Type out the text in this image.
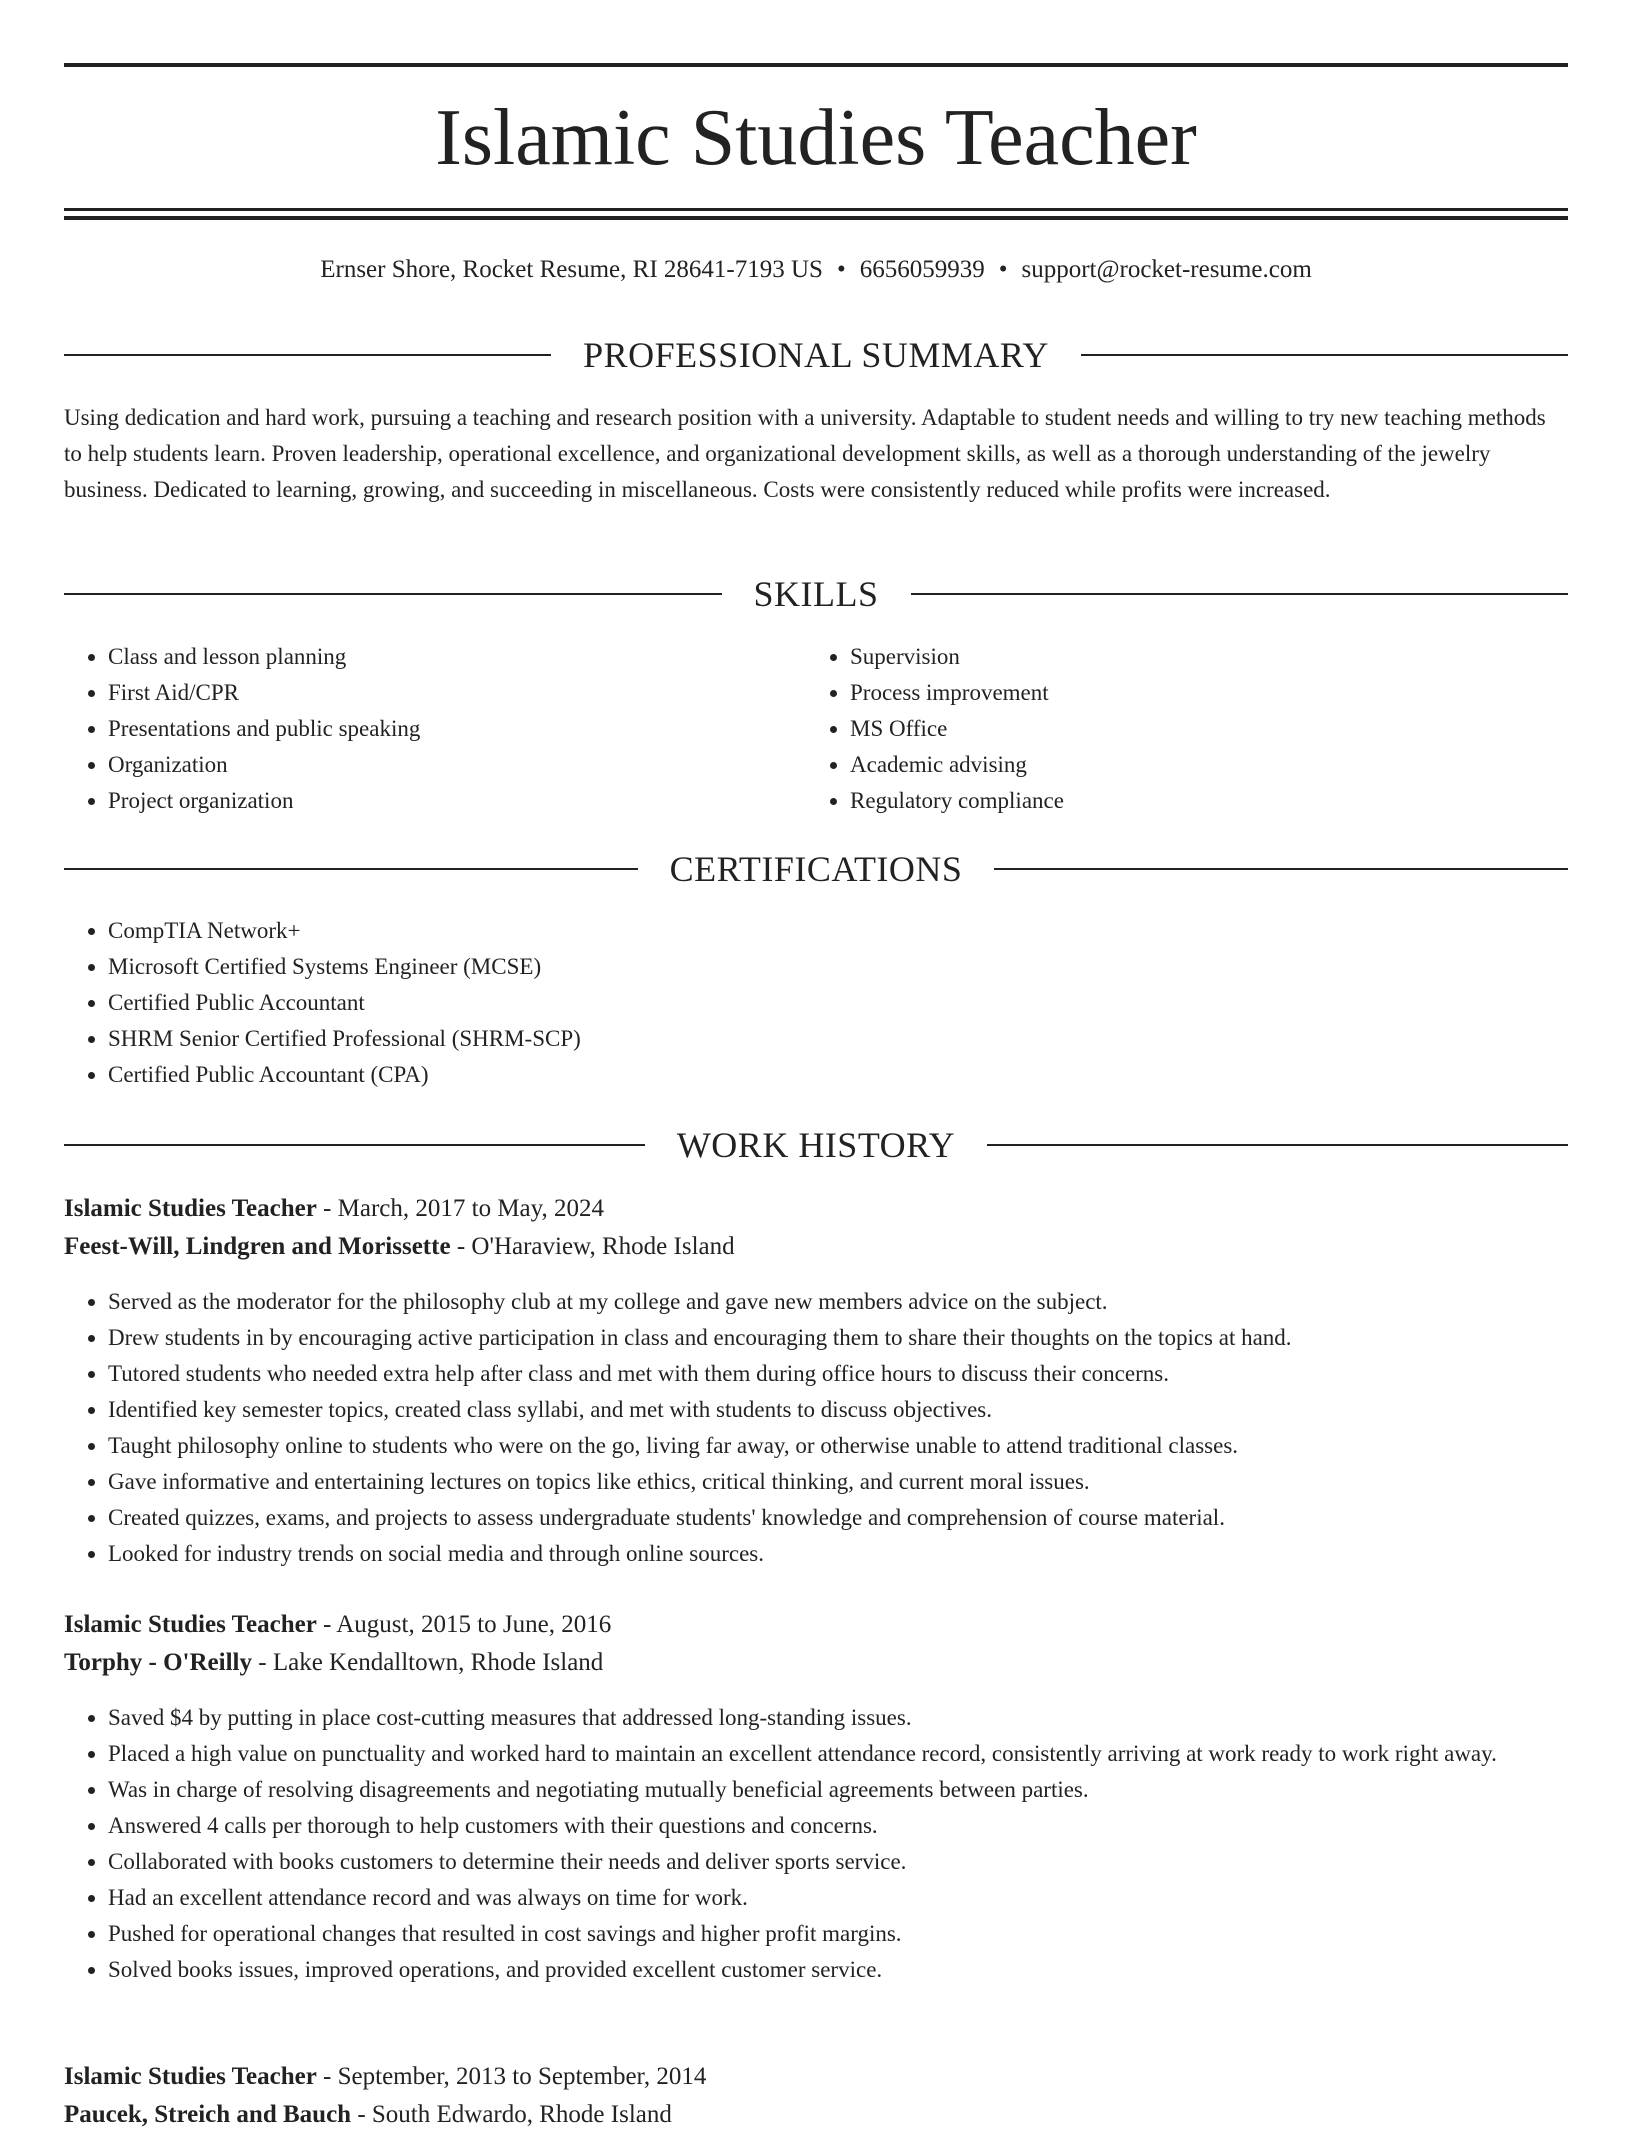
Islamic Studies Teacher
Ernser Shore, Rocket Resume, RI 28641-7193 US • 6656059939 • support@rocket-resume.com
PROFESSIONAL SUMMARY

Using dedication and hard work, pursuing a teaching and research position with a university. Adaptable to student needs and willing to try new teaching methods to help students learn. Proven leadership, operational excellence, and organizational development skills, as well as a thorough understanding of the jewelry business. Dedicated to learning, growing, and succeeding in miscellaneous. Costs were consistently reduced while profits were increased.

SKILLS
• Class and lesson planning
• First Aid/CPR
• Presentations and public speaking
• Organization
• Project organization
• Supervision
• Process improvement
• MS Office
• Academic advising
• Regulatory compliance
CERTIFICATIONS
• CompTIA Network+
• Microsoft Certified Systems Engineer (MCSE)
• Certified Public Accountant
• SHRM Senior Certified Professional (SHRM-SCP)
• Certified Public Accountant (CPA)
WORK HISTORY
Islamic Studies Teacher - March, 2017 to May, 2024
Feest-Will, Lindgren and Morissette - O'Haraview, Rhode Island
• Served as the moderator for the philosophy club at my college and gave new members advice on the subject.
• Drew students in by encouraging active participation in class and encouraging them to share their thoughts on the topics at hand.
• Tutored students who needed extra help after class and met with them during office hours to discuss their concerns.
• Identified key semester topics, created class syllabi, and met with students to discuss objectives.
• Taught philosophy online to students who were on the go, living far away, or otherwise unable to attend traditional classes.
• Gave informative and entertaining lectures on topics like ethics, critical thinking, and current moral issues.
• Created quizzes, exams, and projects to assess undergraduate students' knowledge and comprehension of course material.
• Looked for industry trends on social media and through online sources.
Islamic Studies Teacher - August, 2015 to June, 2016
Torphy - O'Reilly - Lake Kendalltown, Rhode Island
• Saved $4 by putting in place cost-cutting measures that addressed long-standing issues.
• Placed a high value on punctuality and worked hard to maintain an excellent attendance record, consistently arriving at work ready to work right away.
• Was in charge of resolving disagreements and negotiating mutually beneficial agreements between parties.
• Answered 4 calls per thorough to help customers with their questions and concerns.
• Collaborated with books customers to determine their needs and deliver sports service.
• Had an excellent attendance record and was always on time for work.
• Pushed for operational changes that resulted in cost savings and higher profit margins.
• Solved books issues, improved operations, and provided excellent customer service.
Islamic Studies Teacher - September, 2013 to September, 2014
Paucek, Streich and Bauch - South Edwardo, Rhode Island
